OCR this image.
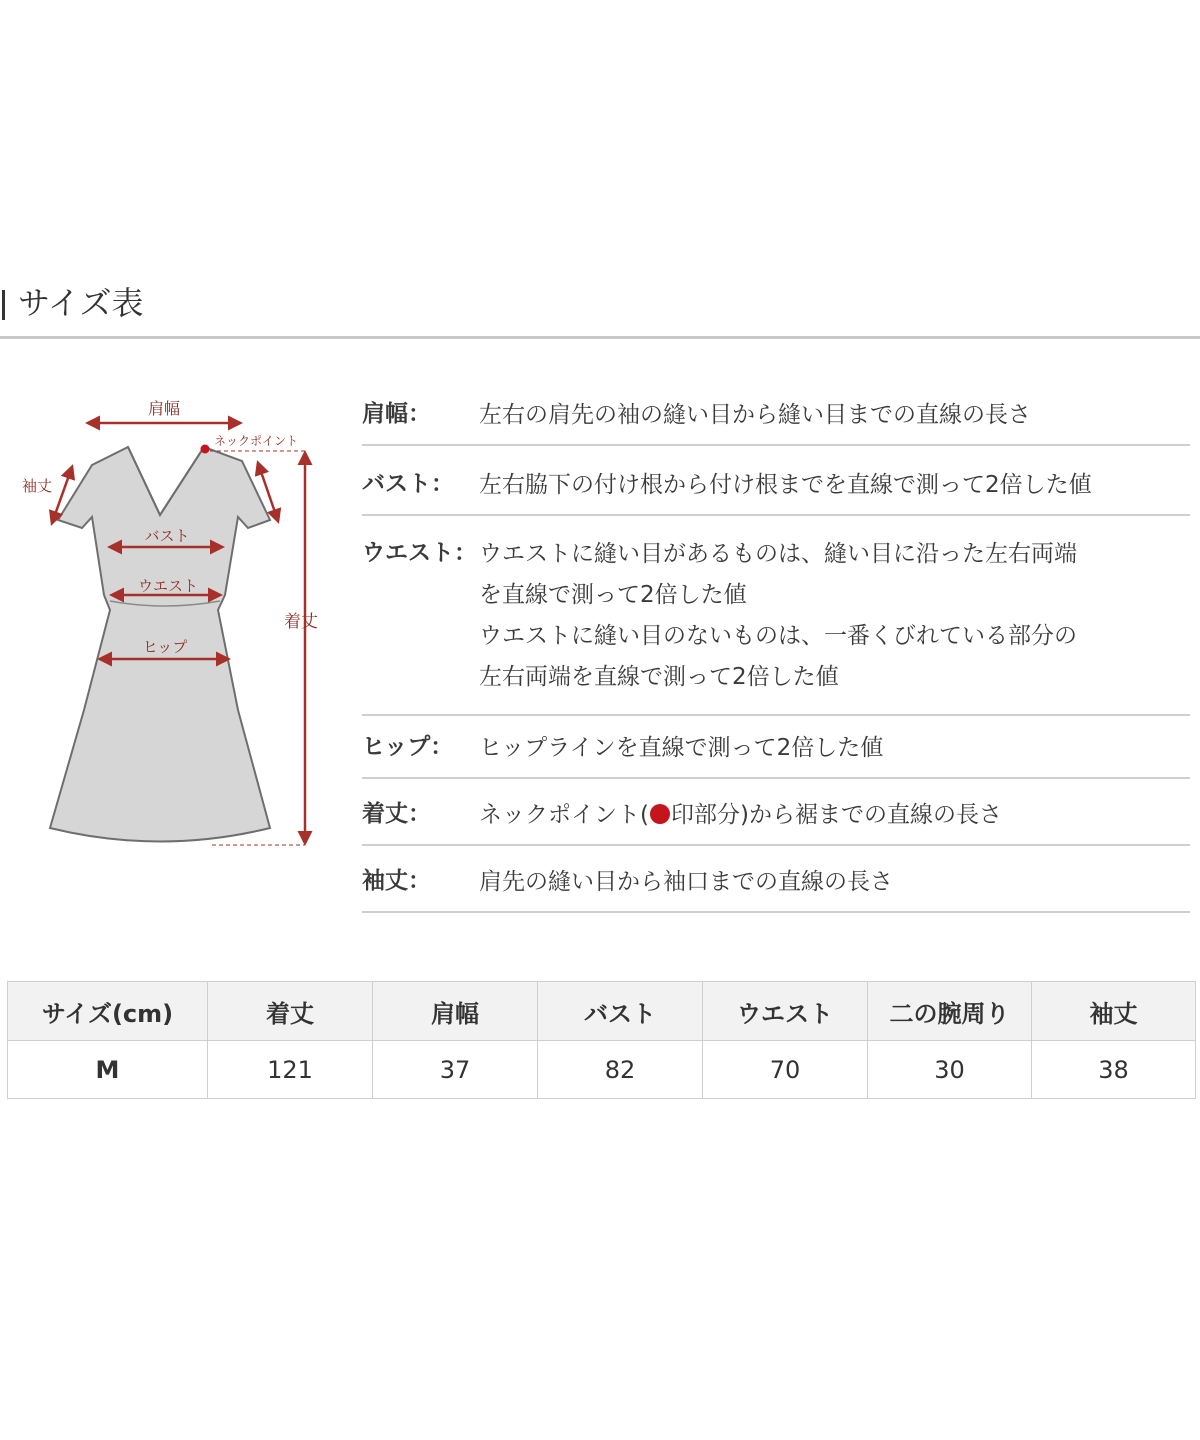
サイズ表
肩幅
ネックポイント
袖丈
バスト
ウエスト
ヒップ
着丈
肩幅： 左右の肩先の袖の縫い目から縫い目までの直線の長さ
バスト： 左右脇下の付け根から付け根までを直線で測って2倍した値
ウエスト： ウエストに縫い目があるものは、縫い目に沿った左右両端
を直線で測って2倍した値
ウエストに縫い目のないものは、一番くびれている部分の
左右両端を直線で測って2倍した値
ヒップ： ヒップラインを直線で測って2倍した値
着丈： ネックポイント( 印部分)から裾までの直線の長さ
袖丈： 肩先の縫い目から袖口までの直線の長さ
サイズ(cm)	着丈	肩幅	バスト	ウエスト	二の腕周り	袖丈
M	121	37	82	70	30	38
